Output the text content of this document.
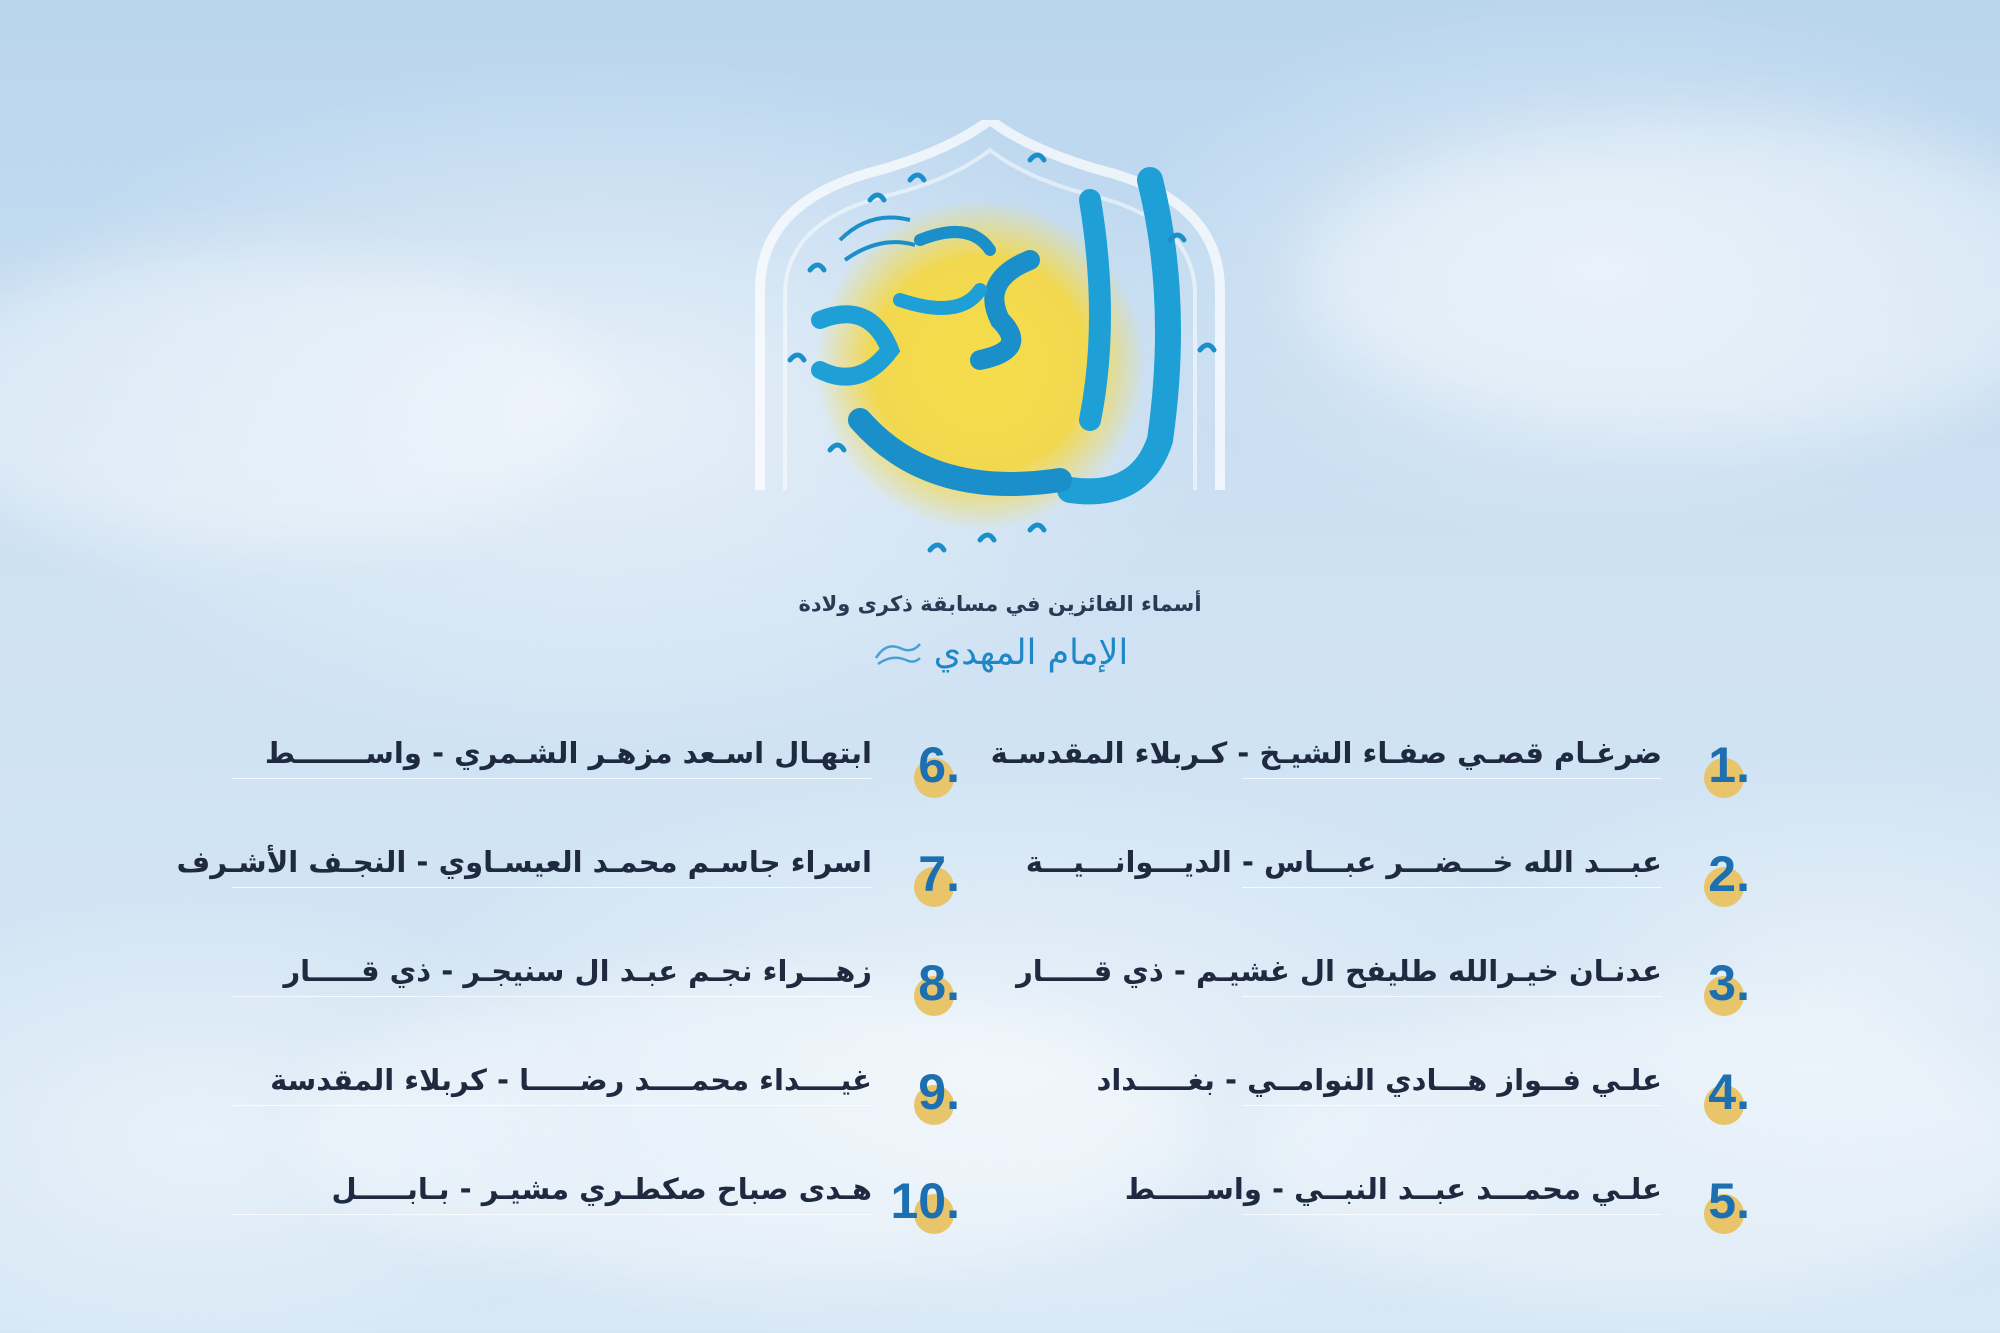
أسماء الفائزين في مسابقة ذكرى ولادة
الإمام المهدي
1.
ضرغـام قصـي صفـاء الشيـخ - كـربلاء المقدسـة
2.
عبـــد الله خـــضـــر عبـــاس - الديـــوانـــيـــة
3.
عدنـان خيـرالله طليفح ال غشيـم - ذي قـــــار
4.
علـي فــواز هـــادي النوامــي - بغـــــداد
5.
علـي محمـــد عبــد النبــي - واســـــط
6.
ابتهـال اسـعد مزهـر الشـمري - واســـــــط
7.
اسراء جاسـم محمـد العيسـاوي - النجـف الأشـرف
8.
زهـــراء نجـم عبـد ال سنيجـر - ذي قـــــار
9.
غيــــداء محمــــد رضـــــا - كربلاء المقدسة
10.
هـدى صباح صكطـري مشيـر - بـابـــــل
